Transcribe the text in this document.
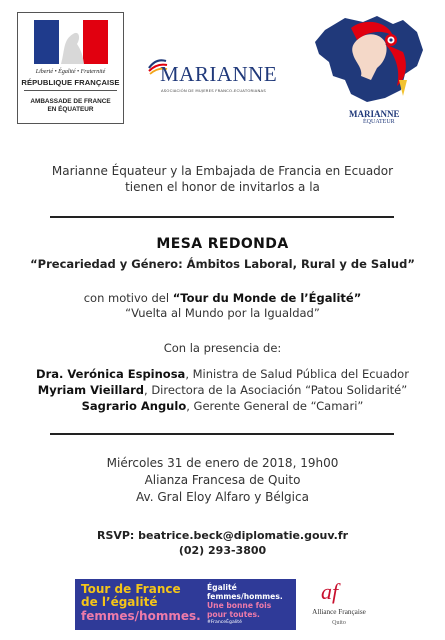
Liberté • Égalité • Fraternité
RÉPUBLIQUE FRANÇAISE
AMBASSADE DE FRANCE
EN ÉQUATEUR
MARIANNE
ASOCIACIÓN DE MUJERES FRANCO-ECUATORIANAS
MARIANNE
ÉQUATEUR
Marianne Équateur y la Embajada de Francia en Ecuador
tienen el honor de invitarlos a la
MESA REDONDA
“Precariedad y Género: Ámbitos Laboral, Rural y de Salud”
con motivo del “Tour du Monde de l’Égalité”
“Vuelta al Mundo por la Igualdad”
Con la presencia de:
Dra. Verónica Espinosa, Ministra de Salud Pública del Ecuador
Myriam Vieillard, Directora de la Asociación “Patou Solidarité”
Sagrario Angulo, Gerente General de “Camari”
Miércoles 31 de enero de 2018, 19h00
Alianza Francesa de Quito
Av. Gral Eloy Alfaro y Bélgica
RSVP: beatrice.beck@diplomatie.gouv.fr
(02) 293-3800
Tour de France
de l’égalité
femmes/hommes.
Égalité
femmes/hommes.
Une bonne fois
pour toutes.
#FranceÉgalité
af
Alliance Française
Quito
